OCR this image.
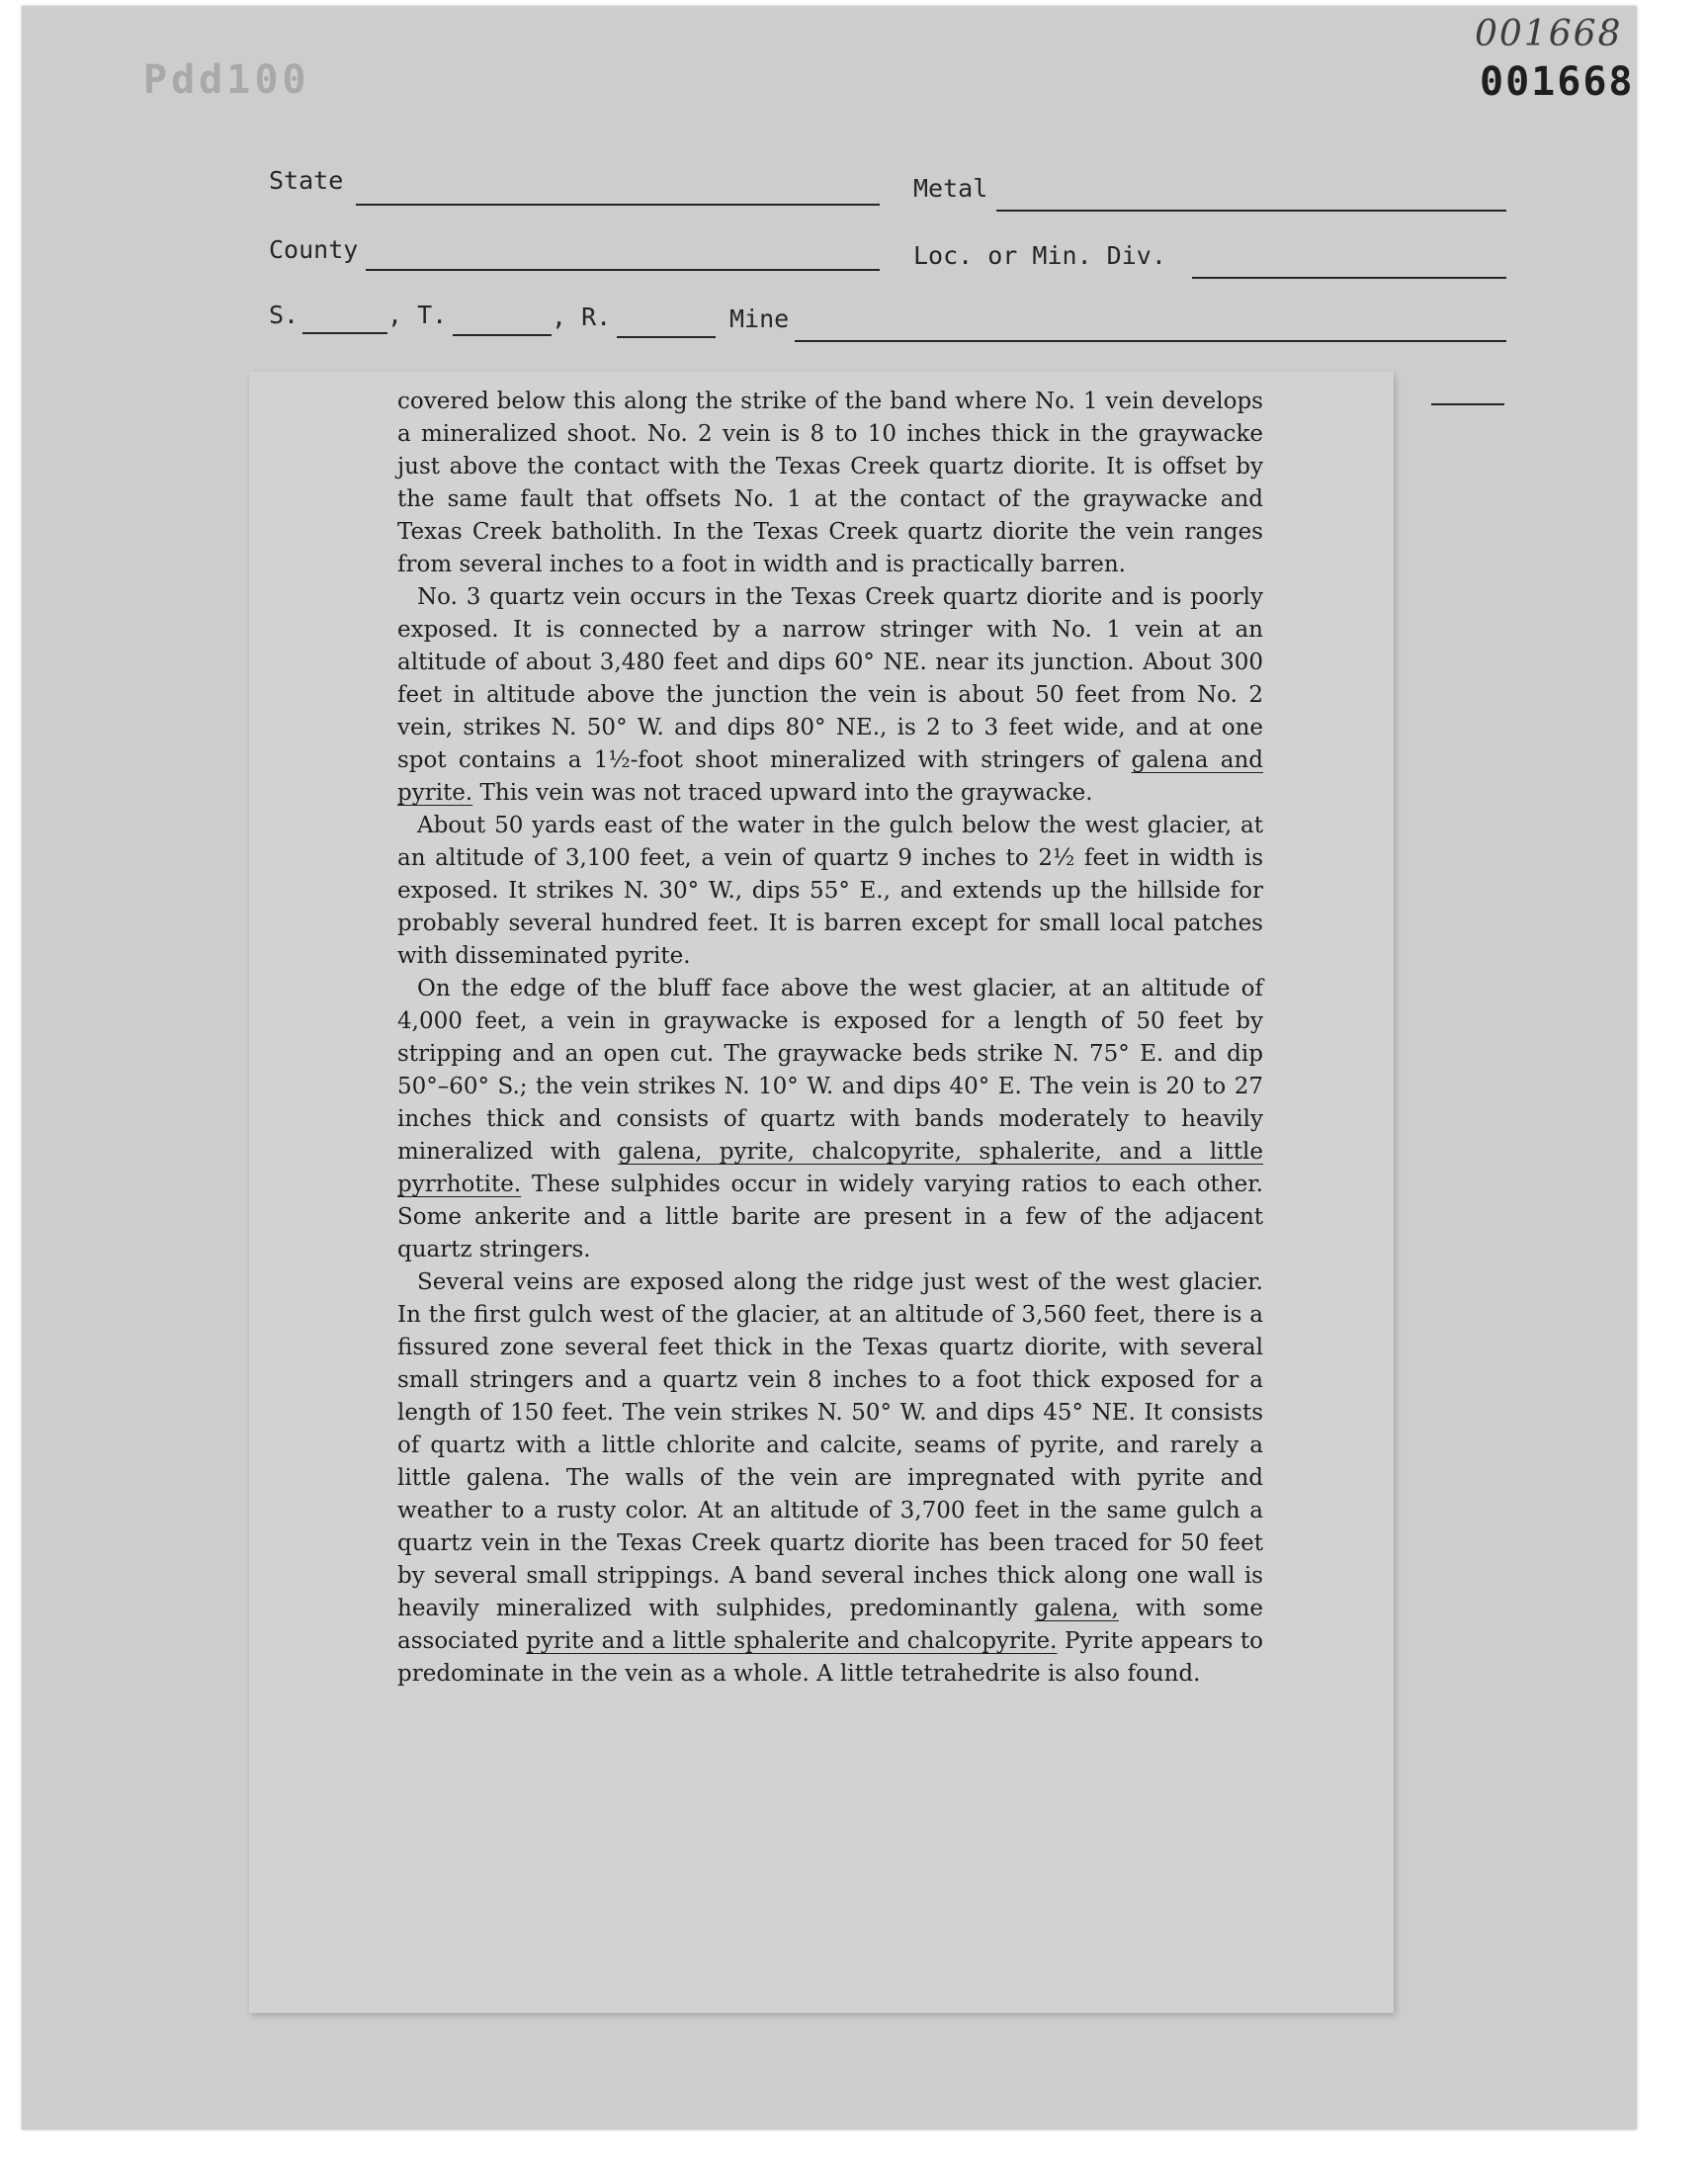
Pdd100
001668
001668
State	Metal
County	Loc. or Min. Div.
S.	, T.	, R.	Mine

covered below this along the strike of the band where No. 1 vein develops a mineralized shoot. No. 2 vein is 8 to 10 inches thick in the graywacke just above the contact with the Texas Creek quartz diorite. It is offset by the same fault that offsets No. 1 at the contact of the graywacke and Texas Creek batholith. In the Texas Creek quartz diorite the vein ranges from several inches to a foot in width and is practically barren.

No. 3 quartz vein occurs in the Texas Creek quartz diorite and is poorly exposed. It is connected by a narrow stringer with No. 1 vein at an altitude of about 3,480 feet and dips 60° NE. near its junction. About 300 feet in altitude above the junction the vein is about 50 feet from No. 2 vein, strikes N. 50° W. and dips 80° NE., is 2 to 3 feet wide, and at one spot contains a 1½-foot shoot mineralized with stringers of galena and pyrite. This vein was not traced upward into the graywacke.

About 50 yards east of the water in the gulch below the west glacier, at an altitude of 3,100 feet, a vein of quartz 9 inches to 2½ feet in width is exposed. It strikes N. 30° W., dips 55° E., and extends up the hillside for probably several hundred feet. It is barren except for small local patches with disseminated pyrite.

On the edge of the bluff face above the west glacier, at an altitude of 4,000 feet, a vein in graywacke is exposed for a length of 50 feet by stripping and an open cut. The graywacke beds strike N. 75° E. and dip 50°–60° S.; the vein strikes N. 10° W. and dips 40° E. The vein is 20 to 27 inches thick and consists of quartz with bands moderately to heavily mineralized with galena, pyrite, chalcopyrite, sphalerite, and a little pyrrhotite. These sulphides occur in widely varying ratios to each other. Some ankerite and a little barite are present in a few of the adjacent quartz stringers.

Several veins are exposed along the ridge just west of the west glacier. In the first gulch west of the glacier, at an altitude of 3,560 feet, there is a fissured zone several feet thick in the Texas quartz diorite, with several small stringers and a quartz vein 8 inches to a foot thick exposed for a length of 150 feet. The vein strikes N. 50° W. and dips 45° NE. It consists of quartz with a little chlorite and calcite, seams of pyrite, and rarely a little galena. The walls of the vein are impregnated with pyrite and weather to a rusty color. At an altitude of 3,700 feet in the same gulch a quartz vein in the Texas Creek quartz diorite has been traced for 50 feet by several small strippings. A band several inches thick along one wall is heavily mineralized with sulphides, predominantly galena, with some associated pyrite and a little sphalerite and chalcopyrite. Pyrite appears to predominate in the vein as a whole. A little tetrahedrite is also found.
